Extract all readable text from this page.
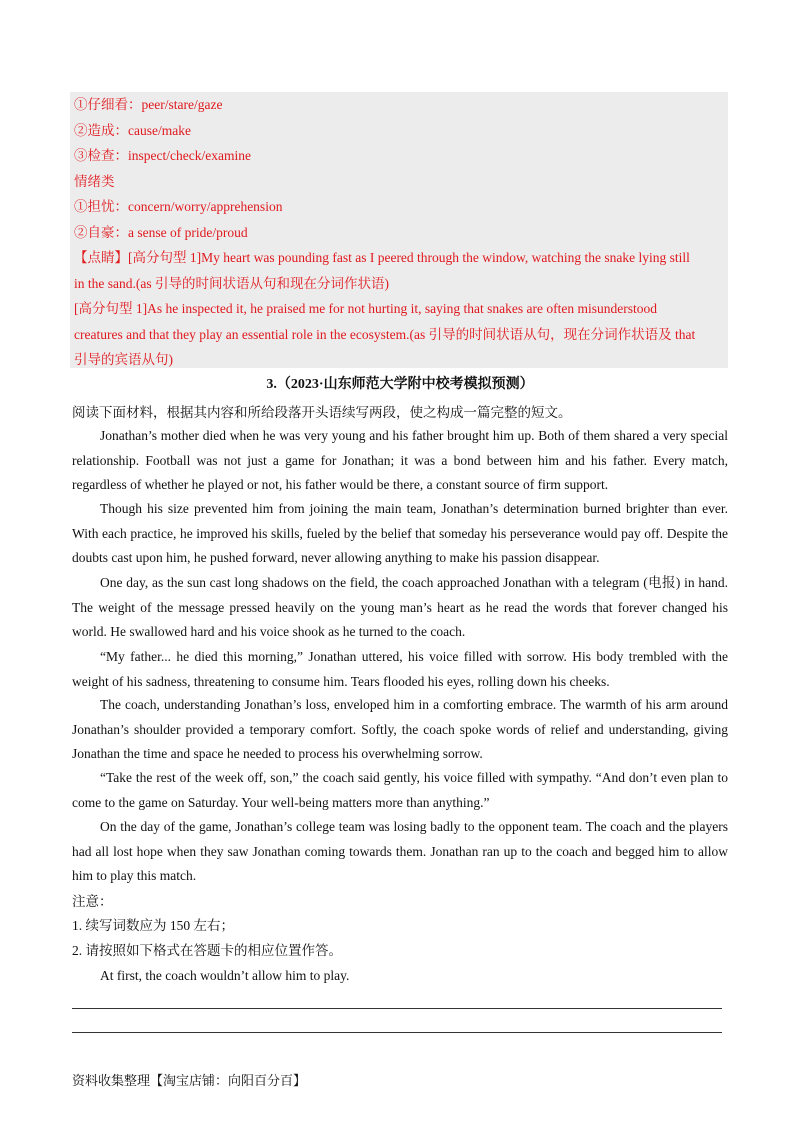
①仔细看：peer/stare/gaze
②造成：cause/make
③检查：inspect/check/examine
情绪类
①担忧：concern/worry/apprehension
②自豪：a sense of pride/proud
【点睛】[高分句型 1]My heart was pounding fast as I peered through the window, watching the snake lying still
in the sand.(as 引导的时间状语从句和现在分词作状语)
[高分句型 1]As he inspected it, he praised me for not hurting it, saying that snakes are often misunderstood
creatures and that they play an essential role in the ecosystem.(as 引导的时间状语从句，现在分词作状语及 that
引导的宾语从句)
3.（2023·山东师范大学附中校考模拟预测）
阅读下面材料，根据其内容和所给段落开头语续写两段，使之构成一篇完整的短文。

Jonathan’s mother died when he was very young and his father brought him up. Both of them shared a very special relationship. Football was not just a game for Jonathan; it was a bond between him and his father. Every match, regardless of whether he played or not, his father would be there, a constant source of firm support.

Though his size prevented him from joining the main team, Jonathan’s determination burned brighter than ever. With each practice, he improved his skills, fueled by the belief that someday his perseverance would pay off. Despite the doubts cast upon him, he pushed forward, never allowing anything to make his passion disappear.

One day, as the sun cast long shadows on the field, the coach approached Jonathan with a telegram (电报) in hand. The weight of the message pressed heavily on the young man’s heart as he read the words that forever changed his world. He swallowed hard and his voice shook as he turned to the coach.

“My father... he died this morning,” Jonathan uttered, his voice filled with sorrow. His body trembled with the weight of his sadness, threatening to consume him. Tears flooded his eyes, rolling down his cheeks.

The coach, understanding Jonathan’s loss, enveloped him in a comforting embrace. The warmth of his arm around Jonathan’s shoulder provided a temporary comfort. Softly, the coach spoke words of relief and understanding, giving Jonathan the time and space he needed to process his overwhelming sorrow.

“Take the rest of the week off, son,” the coach said gently, his voice filled with sympathy. “And don’t even plan to come to the game on Saturday. Your well-being matters more than anything.”

On the day of the game, Jonathan’s college team was losing badly to the opponent team. The coach and the players had all lost hope when they saw Jonathan coming towards them. Jonathan ran up to the coach and begged him to allow him to play this match.

注意：
1. 续写词数应为 150 左右；
2. 请按照如下格式在答题卡的相应位置作答。
At first, the coach wouldn’t allow him to play.
资料收集整理【淘宝店铺：向阳百分百】
